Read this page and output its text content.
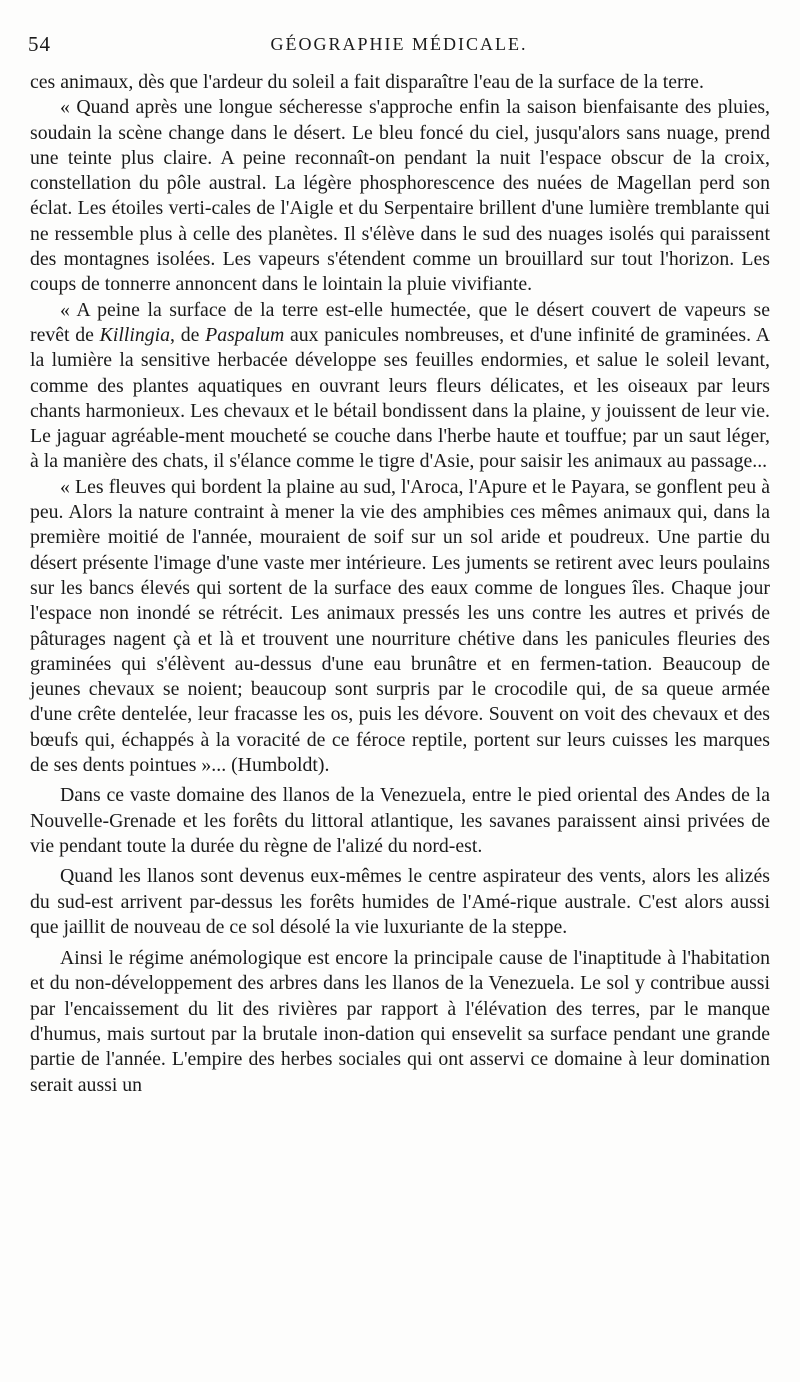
54	GÉOGRAPHIE MÉDICALE.

ces animaux, dès que l'ardeur du soleil a fait disparaître l'eau de la surface de la terre.

« Quand après une longue sécheresse s'approche enfin la saison bienfaisante des pluies, soudain la scène change dans le désert. Le bleu foncé du ciel, jusqu'alors sans nuage, prend une teinte plus claire. A peine reconnaît-on pendant la nuit l'espace obscur de la croix, constellation du pôle austral. La légère phosphorescence des nuées de Magellan perd son éclat. Les étoiles verti-cales de l'Aigle et du Serpentaire brillent d'une lumière tremblante qui ne ressemble plus à celle des planètes. Il s'élève dans le sud des nuages isolés qui paraissent des montagnes isolées. Les vapeurs s'étendent comme un brouillard sur tout l'horizon. Les coups de tonnerre annoncent dans le lointain la pluie vivifiante.

« A peine la surface de la terre est-elle humectée, que le désert couvert de vapeurs se revêt de Killingia, de Paspalum aux panicules nombreuses, et d'une infinité de graminées. A la lumière la sensitive herbacée développe ses feuilles endormies, et salue le soleil levant, comme des plantes aquatiques en ouvrant leurs fleurs délicates, et les oiseaux par leurs chants harmonieux. Les chevaux et le bétail bondissent dans la plaine, y jouissent de leur vie. Le jaguar agréable-ment moucheté se couche dans l'herbe haute et touffue; par un saut léger, à la manière des chats, il s'élance comme le tigre d'Asie, pour saisir les animaux au passage...

« Les fleuves qui bordent la plaine au sud, l'Aroca, l'Apure et le Payara, se gonflent peu à peu. Alors la nature contraint à mener la vie des amphibies ces mêmes animaux qui, dans la première moitié de l'année, mouraient de soif sur un sol aride et poudreux. Une partie du désert présente l'image d'une vaste mer intérieure. Les juments se retirent avec leurs poulains sur les bancs élevés qui sortent de la surface des eaux comme de longues îles. Chaque jour l'espace non inondé se rétrécit. Les animaux pressés les uns contre les autres et privés de pâturages nagent çà et là et trouvent une nourriture chétive dans les panicules fleuries des graminées qui s'élèvent au-dessus d'une eau brunâtre et en fermen-tation. Beaucoup de jeunes chevaux se noient; beaucoup sont surpris par le crocodile qui, de sa queue armée d'une crête dentelée, leur fracasse les os, puis les dévore. Souvent on voit des chevaux et des bœufs qui, échappés à la voracité de ce féroce reptile, portent sur leurs cuisses les marques de ses dents pointues »... (Humboldt).

Dans ce vaste domaine des llanos de la Venezuela, entre le pied oriental des Andes de la Nouvelle-Grenade et les forêts du littoral atlantique, les savanes paraissent ainsi privées de vie pendant toute la durée du règne de l'alizé du nord-est.

Quand les llanos sont devenus eux-mêmes le centre aspirateur des vents, alors les alizés du sud-est arrivent par-dessus les forêts humides de l'Amé-rique australe. C'est alors aussi que jaillit de nouveau de ce sol désolé la vie luxuriante de la steppe.

Ainsi le régime anémologique est encore la principale cause de l'inaptitude à l'habitation et du non-développement des arbres dans les llanos de la Venezuela. Le sol y contribue aussi par l'encaissement du lit des rivières par rapport à l'élévation des terres, par le manque d'humus, mais surtout par la brutale inon-dation qui ensevelit sa surface pendant une grande partie de l'année. L'empire des herbes sociales qui ont asservi ce domaine à leur domination serait aussi un
